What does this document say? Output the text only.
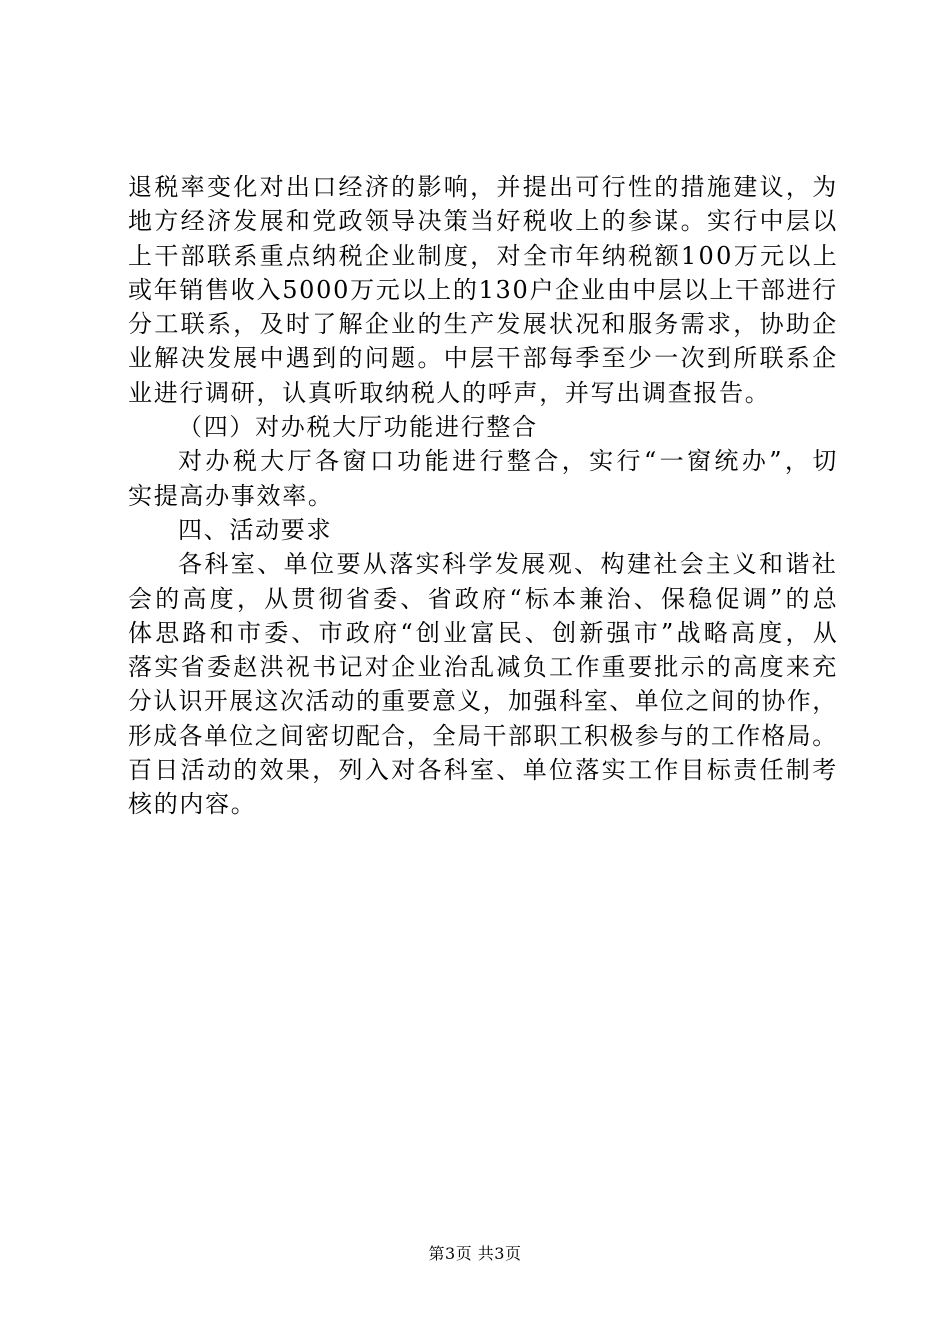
退税率变化对出口经济的影响，并提出可行性的措施建议，为
地方经济发展和党政领导决策当好税收上的参谋。实行中层以
上干部联系重点纳税企业制度，对全市年纳税额100万元以上
或年销售收入5000万元以上的130户企业由中层以上干部进行
分工联系，及时了解企业的生产发展状况和服务需求，协助企
业解决发展中遇到的问题。中层干部每季至少一次到所联系企
业进行调研，认真听取纳税人的呼声，并写出调查报告。
（四）对办税大厅功能进行整合
对办税大厅各窗口功能进行整合，实行“一窗统办”，切
实提高办事效率。
四、活动要求
各科室、单位要从落实科学发展观、构建社会主义和谐社
会的高度，从贯彻省委、省政府“标本兼治、保稳促调”的总
体思路和市委、市政府“创业富民、创新强市”战略高度，从
落实省委赵洪祝书记对企业治乱减负工作重要批示的高度来充
分认识开展这次活动的重要意义，加强科室、单位之间的协作，
形成各单位之间密切配合，全局干部职工积极参与的工作格局。
百日活动的效果，列入对各科室、单位落实工作目标责任制考
核的内容。
第3页 共3页
